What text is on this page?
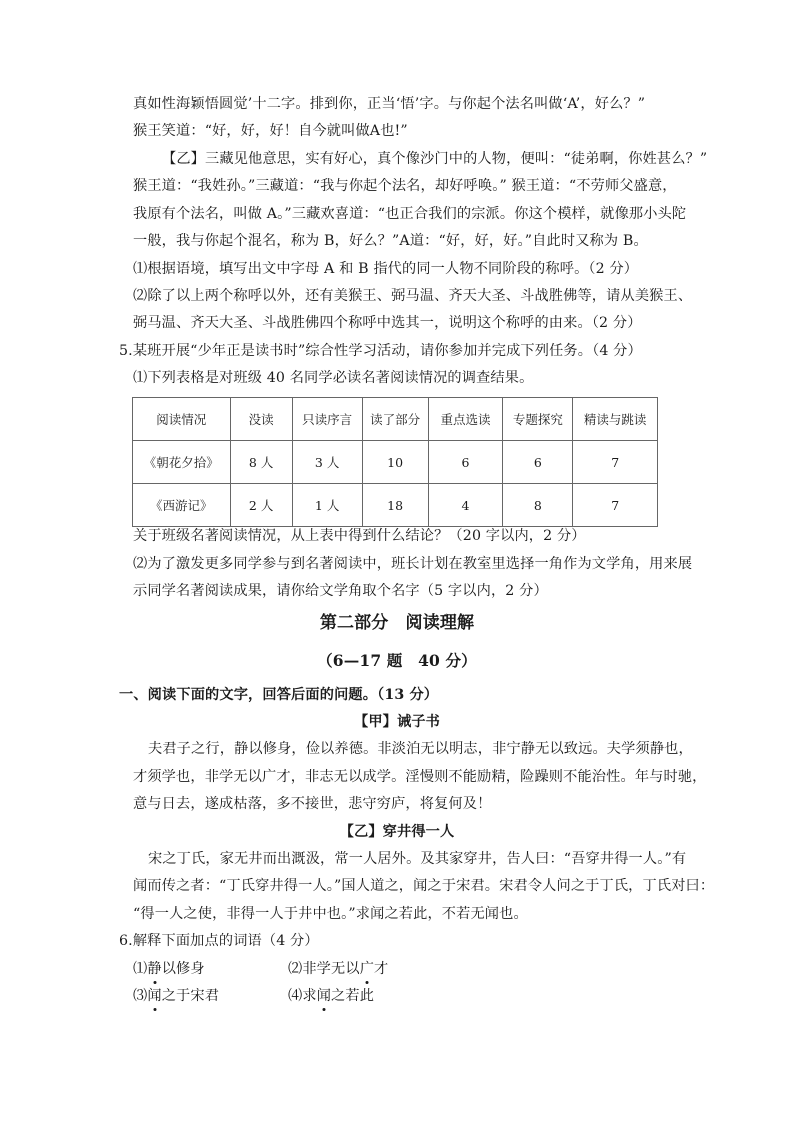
真如性海颖悟圆觉’十二字。排到你，正当‘悟’字。与你起个法名叫做‘A’，好么？”
猴王笑道：“好，好，好！自今就叫做A也!”
【乙】三藏见他意思，实有好心，真个像沙门中的人物，便叫：“徒弟啊，你姓甚么？”
猴王道：“我姓孙。”三藏道：“我与你起个法名，却好呼唤。” 猴王道：“不劳师父盛意，
我原有个法名，叫做 A。”三藏欢喜道：“也正合我们的宗派。你这个模样，就像那小头陀
一般，我与你起个混名，称为 B，好么？”A道：“好，好，好。”自此时又称为 B。
⑴根据语境，填写出文中字母 A 和 B 指代的同一人物不同阶段的称呼。（2 分）
⑵除了以上两个称呼以外，还有美猴王、弼马温、齐天大圣、斗战胜佛等，请从美猴王、
弼马温、齐天大圣、斗战胜佛四个称呼中选其一，说明这个称呼的由来。（2 分）
5.某班开展“少年正是读书时”综合性学习活动，请你参加并完成下列任务。（4 分）
⑴下列表格是对班级 40 名同学必读名著阅读情况的调查结果。
阅读情况	没读	只读序言	读了部分	重点选读	专题探究	精读与跳读
《朝花夕拾》	8 人	3 人	10	6	6	7
《西游记》	2 人	1 人	18	4	8	7
关于班级名著阅读情况，从上表中得到什么结论？（20 字以内，2 分）
⑵为了激发更多同学参与到名著阅读中，班长计划在教室里选择一角作为文学角，用来展
示同学名著阅读成果，请你给文学角取个名字（5 字以内，2 分）
第二部分　阅读理解
（6—17 题　40 分）
一、阅读下面的文字，回答后面的问题。（13 分）
【甲】诫子书
夫君子之行，静以修身，俭以养德。非淡泊无以明志，非宁静无以致远。夫学须静也，
才须学也，非学无以广才，非志无以成学。淫慢则不能励精，险躁则不能治性。年与时驰，
意与日去，遂成枯落，多不接世，悲守穷庐，将复何及！
【乙】穿井得一人
宋之丁氏，家无井而出溉汲，常一人居外。及其家穿井，告人曰：“吾穿井得一人。”有
闻而传之者：“丁氏穿井得一人。”国人道之，闻之于宋君。宋君令人问之于丁氏，丁氏对曰：
“得一人之使，非得一人于井中也。”求闻之若此，不若无闻也。
6.解释下面加点的词语（4 分）
⑴静以修身	⑵非学无以广才
⑶闻之于宋君	⑷求闻之若此
